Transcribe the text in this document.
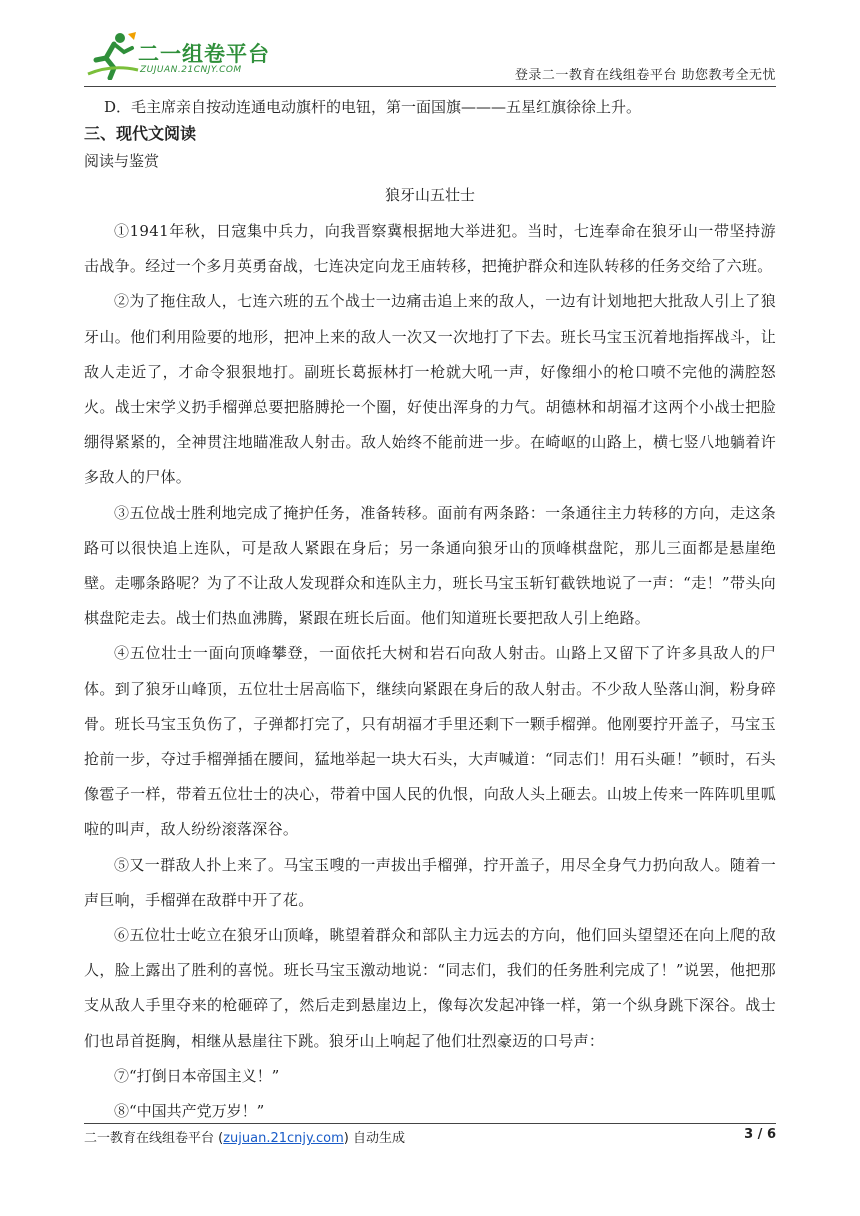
二一组卷平台
ZUJUAN.21CNJY.COM	登录二一教育在线组卷平台 助您教考全无忧

D．毛主席亲自按动连通电动旗杆的电钮，第一面国旗———五星红旗徐徐上升。

三、现代文阅读

阅读与鉴赏

狼牙山五壮士

①1941年秋，日寇集中兵力，向我晋察冀根据地大举进犯。当时，七连奉命在狼牙山一带坚持游击战争。经过一个多月英勇奋战，七连决定向龙王庙转移，把掩护群众和连队转移的任务交给了六班。

②为了拖住敌人，七连六班的五个战士一边痛击追上来的敌人，一边有计划地把大批敌人引上了狼牙山。他们利用险要的地形，把冲上来的敌人一次又一次地打了下去。班长马宝玉沉着地指挥战斗，让敌人走近了，才命令狠狠地打。副班长葛振林打一枪就大吼一声，好像细小的枪口喷不完他的满腔怒火。战士宋学义扔手榴弹总要把胳膊抡一个圈，好使出浑身的力气。胡德林和胡福才这两个小战士把脸绷得紧紧的，全神贯注地瞄准敌人射击。敌人始终不能前进一步。在崎岖的山路上，横七竖八地躺着许多敌人的尸体。

③五位战士胜利地完成了掩护任务，准备转移。面前有两条路：一条通往主力转移的方向，走这条路可以很快追上连队，可是敌人紧跟在身后；另一条通向狼牙山的顶峰棋盘陀，那儿三面都是悬崖绝壁。走哪条路呢？为了不让敌人发现群众和连队主力，班长马宝玉斩钉截铁地说了一声：“走！”带头向棋盘陀走去。战士们热血沸腾，紧跟在班长后面。他们知道班长要把敌人引上绝路。

④五位壮士一面向顶峰攀登，一面依托大树和岩石向敌人射击。山路上又留下了许多具敌人的尸体。到了狼牙山峰顶，五位壮士居高临下，继续向紧跟在身后的敌人射击。不少敌人坠落山涧，粉身碎骨。班长马宝玉负伤了，子弹都打完了，只有胡福才手里还剩下一颗手榴弹。他刚要拧开盖子，马宝玉抢前一步，夺过手榴弹插在腰间，猛地举起一块大石头，大声喊道：“同志们！用石头砸！”顿时，石头像雹子一样，带着五位壮士的决心，带着中国人民的仇恨，向敌人头上砸去。山坡上传来一阵阵叽里呱啦的叫声，敌人纷纷滚落深谷。

⑤又一群敌人扑上来了。马宝玉嗖的一声拔出手榴弹，拧开盖子，用尽全身气力扔向敌人。随着一声巨响，手榴弹在敌群中开了花。

⑥五位壮士屹立在狼牙山顶峰，眺望着群众和部队主力远去的方向，他们回头望望还在向上爬的敌人，脸上露出了胜利的喜悦。班长马宝玉激动地说：“同志们，我们的任务胜利完成了！”说罢，他把那支从敌人手里夺来的枪砸碎了，然后走到悬崖边上，像每次发起冲锋一样，第一个纵身跳下深谷。战士们也昂首挺胸，相继从悬崖往下跳。狼牙山上响起了他们壮烈豪迈的口号声：

⑦“打倒日本帝国主义！”

⑧“中国共产党万岁！”

二一教育在线组卷平台 (zujuan.21cnjy.com) 自动生成	3 / 6
